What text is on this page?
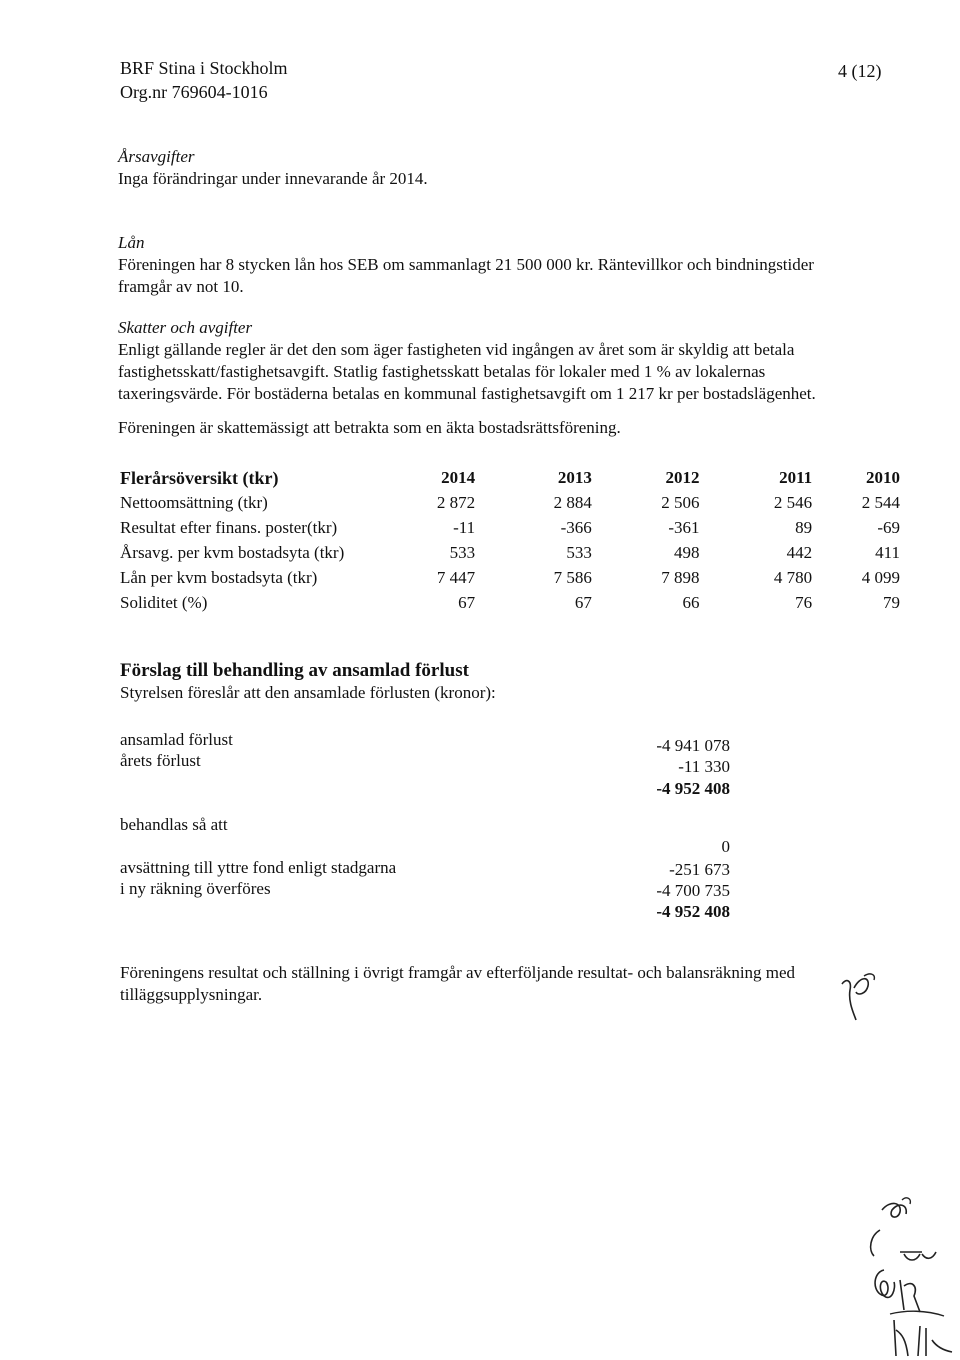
BRF Stina i Stockholm
Org.nr 769604-1016
4 (12)

Årsavgifter

Inga förändringar under innevarande år 2014.

Lån

Föreningen har 8 stycken lån hos SEB om sammanlagt 21 500 000 kr. Räntevillkor och bindningstider

framgår av not 10.

Skatter och avgifter

Enligt gällande regler är det den som äger fastigheten vid ingången av året som är skyldig att betala

fastighetsskatt/fastighetsavgift. Statlig fastighetsskatt betalas för lokaler med 1 % av lokalernas

taxeringsvärde. För bostäderna betalas en kommunal fastighetsavgift om 1 217 kr per bostadslägenhet.

Föreningen är skattemässigt att betrakta som en äkta bostadsrättsförening.

Flerårsöversikt (tkr)	2014	2013	2012	2011	2010
Nettoomsättning (tkr)	2 872	2 884	2 506	2 546	2 544
Resultat efter finans. poster(tkr)	-11	-366	-361	89	-69
Årsavg. per kvm bostadsyta (tkr)	533	533	498	442	411
Lån per kvm bostadsyta (tkr)	7 447	7 586	7 898	4 780	4 099
Soliditet (%)	67	67	66	76	79
Förslag till behandling av ansamlad förlust
Styrelsen föreslår att den ansamlade förlusten (kronor):
ansamlad förlust	-4 941 078
årets förlust	-11 330
-4 952 408
behandlas så att
0
avsättning till yttre fond enligt stadgarna	-251 673
i ny räkning överföres	-4 700 735
-4 952 408
Föreningens resultat och ställning i övrigt framgår av efterföljande resultat- och balansräkning med
tilläggsupplysningar.
